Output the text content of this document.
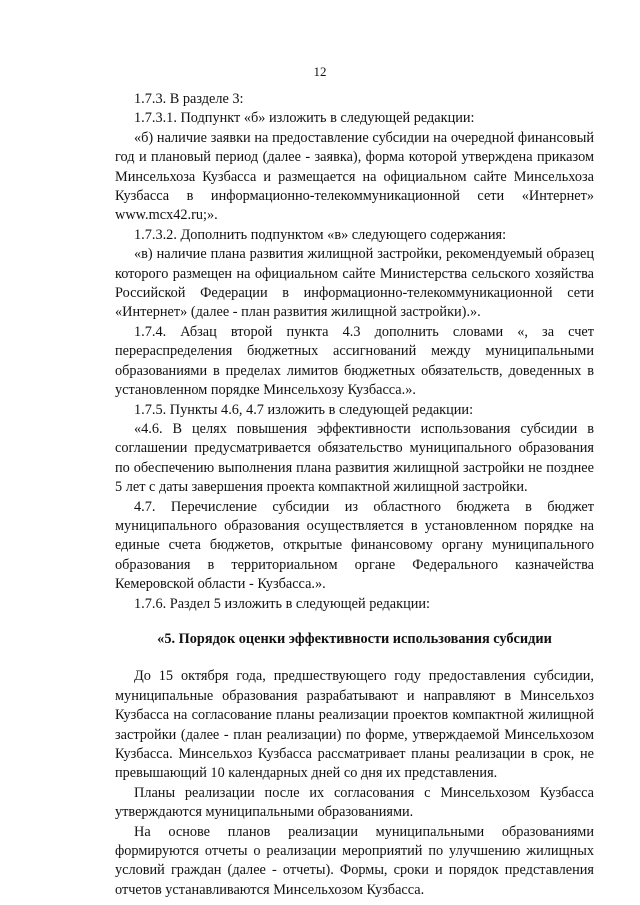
12

1.7.3. В разделе 3:

1.7.3.1. Подпункт «б» изложить в следующей редакции:

«б) наличие заявки на предоставление субсидии на очередной финансовый год и плановый период (далее - заявка), форма которой утверждена приказом Минсельхоза Кузбасса и размещается на официальном сайте Минсельхоза Кузбасса в информационно-телекоммуникационной сети «Интернет» www.mcx42.ru;».

1.7.3.2. Дополнить подпунктом «в» следующего содержания:

«в) наличие плана развития жилищной застройки, рекомендуемый образец которого размещен на официальном сайте Министерства сельского хозяйства Российской Федерации в информационно-телекоммуникационной сети «Интернет» (далее - план развития жилищной застройки).».

1.7.4. Абзац второй пункта 4.3 дополнить словами «, за счет перераспределения бюджетных ассигнований между муниципальными образованиями в пределах лимитов бюджетных обязательств, доведенных в установленном порядке Минсельхозу Кузбасса.».

1.7.5. Пункты 4.6, 4.7 изложить в следующей редакции:

«4.6. В целях повышения эффективности использования субсидии в соглашении предусматривается обязательство муниципального образования по обеспечению выполнения плана развития жилищной застройки не позднее 5 лет с даты завершения проекта компактной жилищной застройки.

4.7. Перечисление субсидии из областного бюджета в бюджет муниципального образования осуществляется в установленном порядке на единые счета бюджетов, открытые финансовому органу муниципального образования в территориальном органе Федерального казначейства Кемеровской области - Кузбасса.».

1.7.6. Раздел 5 изложить в следующей редакции:

«5. Порядок оценки эффективности использования субсидии

До 15 октября года, предшествующего году предоставления субсидии, муниципальные образования разрабатывают и направляют в Минсельхоз Кузбасса на согласование планы реализации проектов компактной жилищной застройки (далее - план реализации) по форме, утверждаемой Минсельхозом Кузбасса. Минсельхоз Кузбасса рассматривает планы реализации в срок, не превышающий 10 календарных дней со дня их представления.

Планы реализации после их согласования с Минсельхозом Кузбасса утверждаются муниципальными образованиями.

На основе планов реализации муниципальными образованиями формируются отчеты о реализации мероприятий по улучшению жилищных условий граждан (далее - отчеты). Формы, сроки и порядок представления отчетов устанавливаются Минсельхозом Кузбасса.
